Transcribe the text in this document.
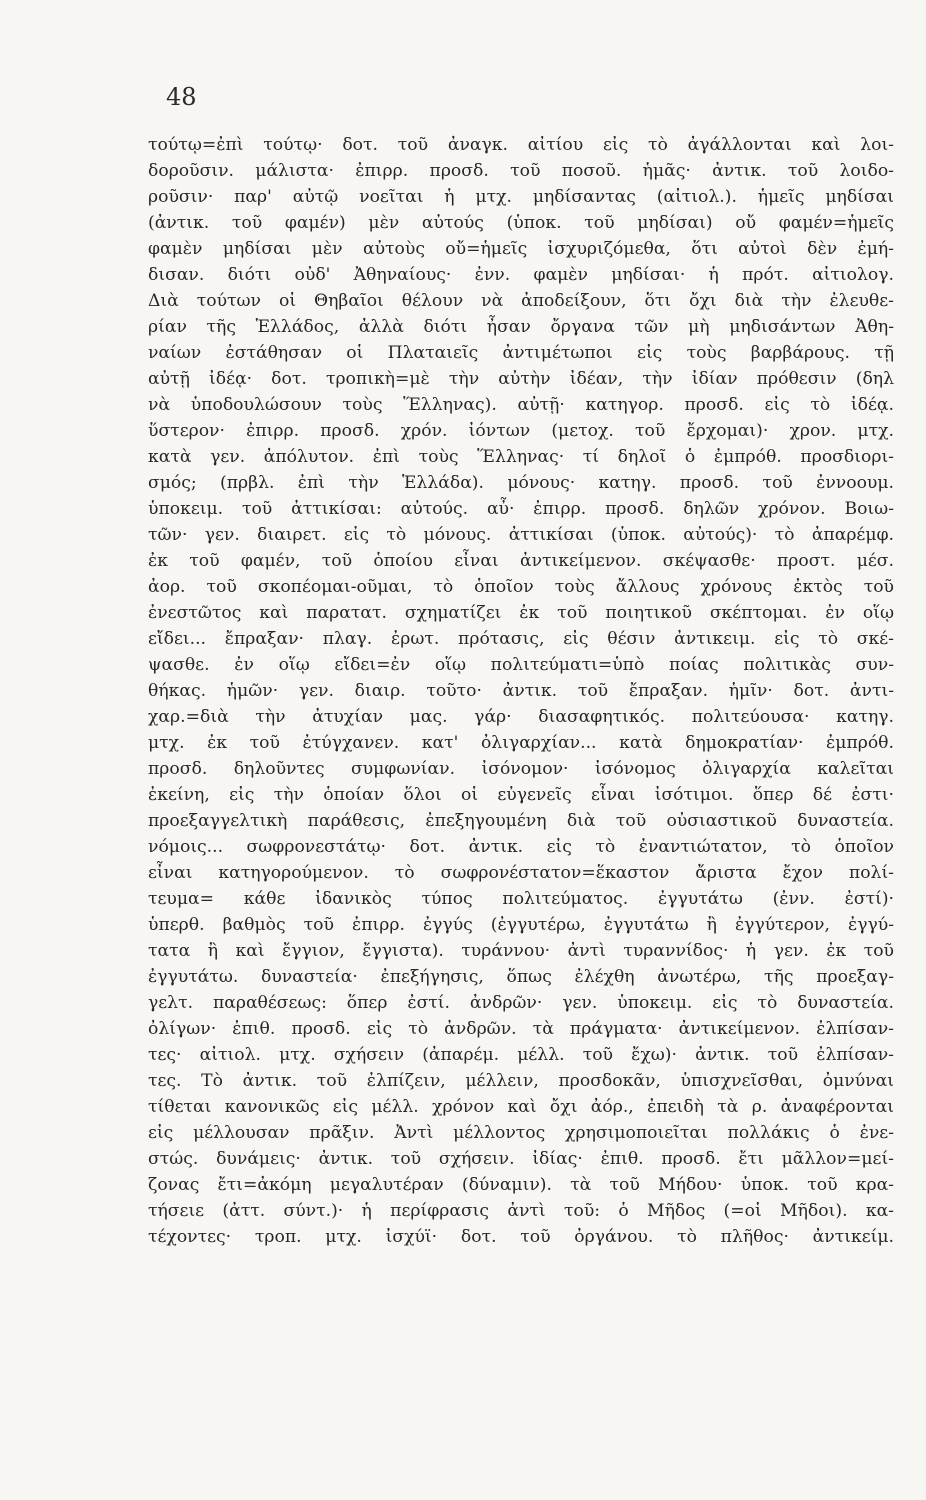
48
τούτῳ=ἐπὶ τούτῳ· δοτ. τοῦ ἀναγκ. αἰτίου εἰς τὸ ἀγάλλονται καὶ λοι-
δοροῦσιν. μάλιστα· ἐπιρρ. προσδ. τοῦ ποσοῦ. ἡμᾶς· ἀντικ. τοῦ λοιδο-
ροῦσιν· παρ' αὐτῷ νοεῖται ἡ μτχ. μηδίσαντας (αἰτιολ.). ἡμεῖς μηδίσαι
(ἀντικ. τοῦ φαμέν) μὲν αὐτούς (ὑποκ. τοῦ μηδίσαι) οὔ φαμέν=ἡμεῖς
φαμὲν μηδίσαι μὲν αὐτοὺς οὔ=ἡμεῖς ἰσχυριζόμεθα, ὅτι αὐτοὶ δὲν ἐμή-
δισαν. διότι οὐδ' Ἀθηναίους· ἐνν. φαμὲν μηδίσαι· ἡ πρότ. αἰτιολογ.
Διὰ τούτων οἱ Θηβαῖοι θέλουν νὰ ἀποδείξουν, ὅτι ὄχι διὰ τὴν ἐλευθε-
ρίαν τῆς Ἑλλάδος, ἀλλὰ διότι ἦσαν ὄργανα τῶν μὴ μηδισάντων Ἀθη-
ναίων ἐστάθησαν οἱ Πλαταιεῖς ἀντιμέτωποι εἰς τοὺς βαρβάρους. τῇ
αὐτῇ ἰδέᾳ· δοτ. τροπικὴ=μὲ τὴν αὐτὴν ἰδέαν, τὴν ἰδίαν πρόθεσιν (δηλ
νὰ ὑποδουλώσουν τοὺς Ἕλληνας). αὐτῇ· κατηγορ. προσδ. εἰς τὸ ἰδέᾳ.
ὕστερον· ἐπιρρ. προσδ. χρόν. ἰόντων (μετοχ. τοῦ ἔρχομαι)· χρον. μτχ.
κατὰ γεν. ἀπόλυτον. ἐπὶ τοὺς Ἕλληνας· τί δηλοῖ ὁ ἐμπρόθ. προσδιορι-
σμός; (πρβλ. ἐπὶ τὴν Ἑλλάδα). μόνους· κατηγ. προσδ. τοῦ ἐννοουμ.
ὑποκειμ. τοῦ ἀττικίσαι: αὐτούς. αὖ· ἐπιρρ. προσδ. δηλῶν χρόνον. Βοιω-
τῶν· γεν. διαιρετ. εἰς τὸ μόνους. ἀττικίσαι (ὑποκ. αὐτούς)· τὸ ἀπαρέμφ.
ἐκ τοῦ φαμέν, τοῦ ὁποίου εἶναι ἀντικείμενον. σκέψασθε· προστ. μέσ.
ἀορ. τοῦ σκοπέομαι-οῦμαι, τὸ ὁποῖον τοὺς ἄλλους χρόνους ἐκτὸς τοῦ
ἐνεστῶτος καὶ παρατατ. σχηματίζει ἐκ τοῦ ποιητικοῦ σκέπτομαι. ἐν οἵῳ
εἴδει... ἔπραξαν· πλαγ. ἐρωτ. πρότασις, εἰς θέσιν ἀντικειμ. εἰς τὸ σκέ-
ψασθε. ἐν οἵῳ εἴδει=ἐν οἵῳ πολιτεύματι=ὑπὸ ποίας πολιτικὰς συν-
θήκας. ἡμῶν· γεν. διαιρ. τοῦτο· ἀντικ. τοῦ ἔπραξαν. ἡμῖν· δοτ. ἀντι-
χαρ.=διὰ τὴν ἀτυχίαν μας. γάρ· διασαφητικός. πολιτεύουσα· κατηγ.
μτχ. ἐκ τοῦ ἐτύγχανεν. κατ' ὀλιγαρχίαν... κατὰ δημοκρατίαν· ἐμπρόθ.
προσδ. δηλοῦντες συμφωνίαν. ἰσόνομον· ἰσόνομος ὀλιγαρχία καλεῖται
ἐκείνη, εἰς τὴν ὁποίαν ὅλοι οἱ εὐγενεῖς εἶναι ἰσότιμοι. ὅπερ δέ ἐστι·
προεξαγγελτικὴ παράθεσις, ἐπεξηγουμένη διὰ τοῦ οὐσιαστικοῦ δυναστεία.
νόμοις... σωφρονεστάτῳ· δοτ. ἀντικ. εἰς τὸ ἐναντιώτατον, τὸ ὁποῖον
εἶναι κατηγορούμενον. τὸ σωφρονέστατον=ἕκαστον ἄριστα ἔχον πολί-
τευμα= κάθε ἰδανικὸς τύπος πολιτεύματος. ἐγγυτάτω (ἐνν. ἐστί)·
ὑπερθ. βαθμὸς τοῦ ἐπιρρ. ἐγγύς (ἐγγυτέρω, ἐγγυτάτω ἢ ἐγγύτερον, ἐγγύ-
τατα ἢ καὶ ἔγγιον, ἔγγιστα). τυράννου· ἀντὶ τυραννίδος· ἡ γεν. ἐκ τοῦ
ἐγγυτάτω. δυναστεία· ἐπεξήγησις, ὅπως ἐλέχθη ἀνωτέρω, τῆς προεξαγ-
γελτ. παραθέσεως: ὅπερ ἐστί. ἀνδρῶν· γεν. ὑποκειμ. εἰς τὸ δυναστεία.
ὀλίγων· ἐπιθ. προσδ. εἰς τὸ ἀνδρῶν. τὰ πράγματα· ἀντικείμενον. ἐλπίσαν-
τες· αἰτιολ. μτχ. σχήσειν (ἀπαρέμ. μέλλ. τοῦ ἔχω)· ἀντικ. τοῦ ἐλπίσαν-
τες. Τὸ ἀντικ. τοῦ ἐλπίζειν, μέλλειν, προσδοκᾶν, ὑπισχνεῖσθαι, ὀμνύναι
τίθεται κανονικῶς εἰς μέλλ. χρόνον καὶ ὄχι ἀόρ., ἐπειδὴ τὰ ρ. ἀναφέρονται
εἰς μέλλουσαν πρᾶξιν. Ἀντὶ μέλλοντος χρησιμοποιεῖται πολλάκις ὁ ἐνε-
στώς. δυνάμεις· ἀντικ. τοῦ σχήσειν. ἰδίας· ἐπιθ. προσδ. ἔτι μᾶλλον=μεί-
ζονας ἔτι=ἀκόμη μεγαλυτέραν (δύναμιν). τὰ τοῦ Μήδου· ὑποκ. τοῦ κρα-
τήσειε (ἀττ. σύντ.)· ἡ περίφρασις ἀντὶ τοῦ: ὁ Μῆδος (=οἱ Μῆδοι). κα-
τέχοντες· τροπ. μτχ. ἰσχύϊ· δοτ. τοῦ ὀργάνου. τὸ πλῆθος· ἀντικείμ.
